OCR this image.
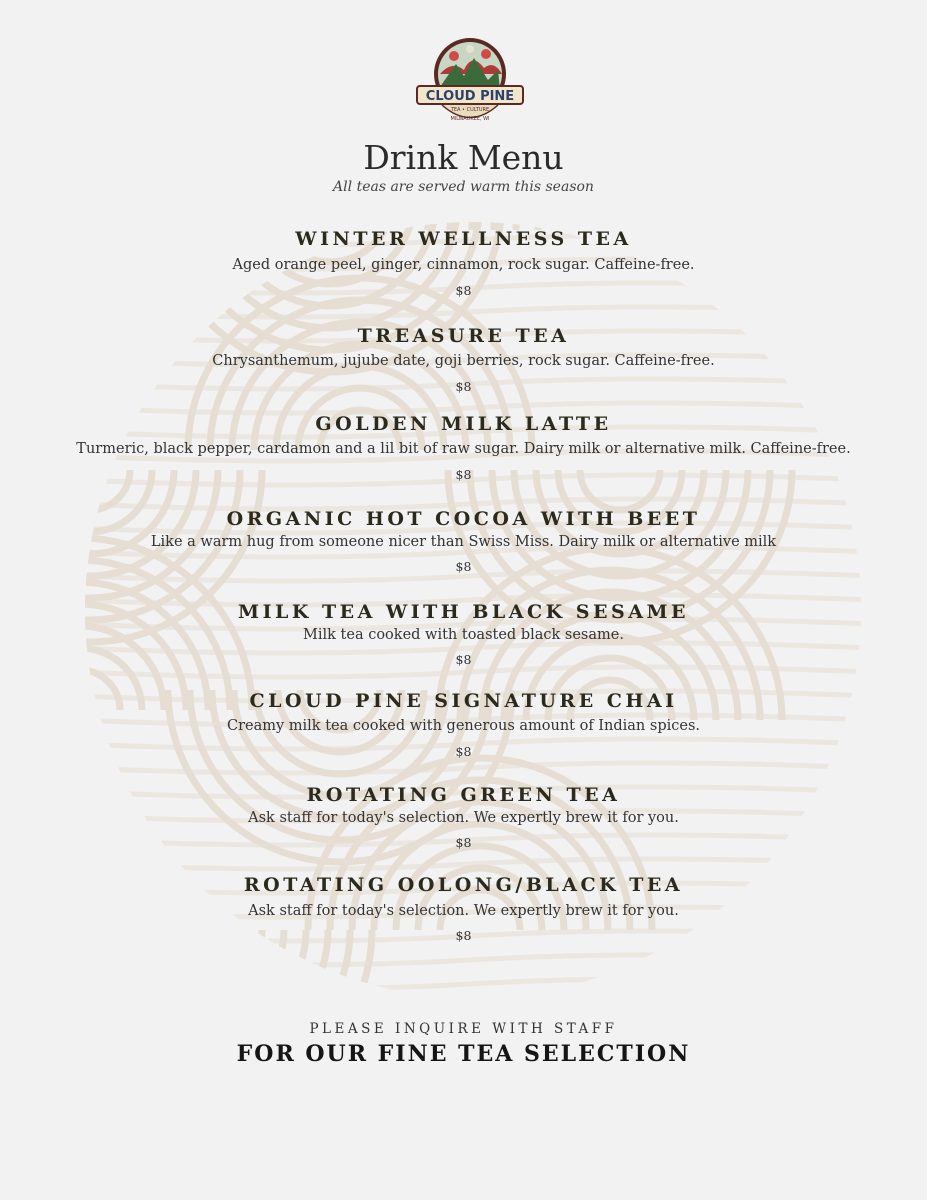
CLOUD PINE
TEA • CULTURE
MILWAUKEE, WI
Drink Menu
All teas are served warm this season
WINTER WELLNESS TEA
Aged orange peel, ginger, cinnamon, rock sugar. Caffeine-free.
$8
TREASURE TEA
Chrysanthemum, jujube date, goji berries, rock sugar. Caffeine-free.
$8
GOLDEN MILK LATTE
Turmeric, black pepper, cardamon and a lil bit of raw sugar. Dairy milk or alternative milk. Caffeine-free.
$8
ORGANIC HOT COCOA WITH BEET
Like a warm hug from someone nicer than Swiss Miss. Dairy milk or alternative milk
$8
MILK TEA WITH BLACK SESAME
Milk tea cooked with toasted black sesame.
$8
CLOUD PINE SIGNATURE CHAI
Creamy milk tea cooked with generous amount of Indian spices.
$8
ROTATING GREEN TEA
Ask staff for today's selection. We expertly brew it for you.
$8
ROTATING OOLONG/BLACK TEA
Ask staff for today's selection. We expertly brew it for you.
$8
PLEASE INQUIRE WITH STAFF
FOR OUR FINE TEA SELECTION
